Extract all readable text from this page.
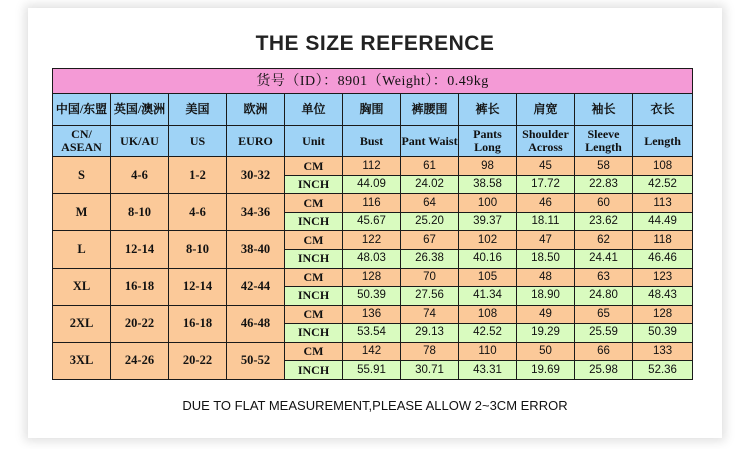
THE SIZE REFERENCE
货号（ID）：8901（Weight）：0.49kg										
中国/东盟	英国/澳洲	美国	欧洲	单位	胸围	裤腰围	裤长	肩宽	袖长	衣长
CN/ ASEAN	UK/AU	US	EURO	Unit	Bust	Pant Waist	Pants Long	Shoulder Across	Sleeve Length	Length
S	4-6	1-2	30-32	CM	112	61	98	45	58	108
				INCH	44.09	24.02	38.58	17.72	22.83	42.52
M	8-10	4-6	34-36	CM	116	64	100	46	60	113
				INCH	45.67	25.20	39.37	18.11	23.62	44.49
L	12-14	8-10	38-40	CM	122	67	102	47	62	118
				INCH	48.03	26.38	40.16	18.50	24.41	46.46
XL	16-18	12-14	42-44	CM	128	70	105	48	63	123
				INCH	50.39	27.56	41.34	18.90	24.80	48.43
2XL	20-22	16-18	46-48	CM	136	74	108	49	65	128
				INCH	53.54	29.13	42.52	19.29	25.59	50.39
3XL	24-26	20-22	50-52	CM	142	78	110	50	66	133
				INCH	55.91	30.71	43.31	19.69	25.98	52.36

DUE TO FLAT MEASUREMENT,PLEASE ALLOW 2~3CM ERROR
